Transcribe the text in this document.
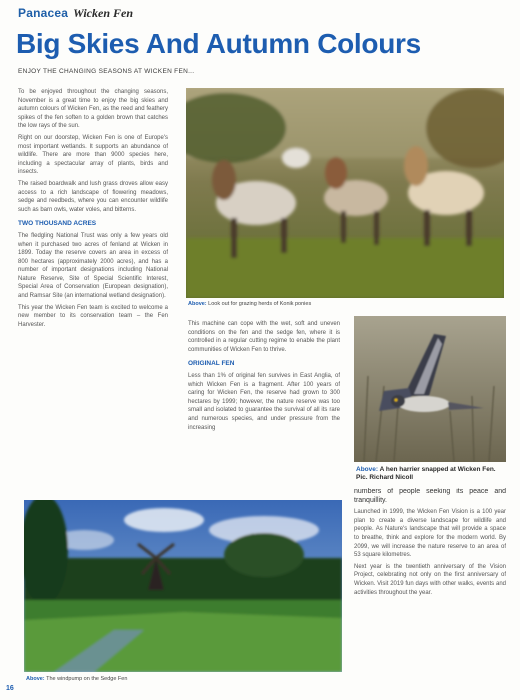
Panacea Wicken Fen
Big Skies And Autumn Colours
ENJOY THE CHANGING SEASONS AT WICKEN FEN...

To be enjoyed throughout the changing seasons, November is a great time to enjoy the big skies and autumn colours of Wicken Fen, as the reed and feathery spikes of the fen soften to a golden brown that catches the low rays of the sun.

Right on our doorstep, Wicken Fen is one of Europe's most important wetlands. It supports an abundance of wildlife. There are more than 9000 species here, including a spectacular array of plants, birds and insects.

The raised boardwalk and lush grass droves allow easy access to a rich landscape of flowering meadows, sedge and reedbeds, where you can encounter wildlife such as barn owls, water voles, and bitterns.

TWO THOUSAND ACRES

The fledgling National Trust was only a few years old when it purchased two acres of fenland at Wicken in 1899. Today the reserve covers an area in excess of 800 hectares (approximately 2000 acres), and has a number of important designations including National Nature Reserve, Site of Special Scientific Interest, Special Area of Conservation (European designation), and Ramsar Site (an international wetland designation).

This year the Wicken Fen team is excited to welcome a new member to its conservation team – the Fen Harvester.

Above: Look out for grazing herds of Konik ponies

This machine can cope with the wet, soft and uneven conditions on the fen and the sedge fen, where it is controlled in a regular cutting regime to enable the plant communities of Wicken Fen to thrive.

ORIGINAL FEN

Less than 1% of original fen survives in East Anglia, of which Wicken Fen is a fragment. After 100 years of caring for Wicken Fen, the reserve had grown to 300 hectares by 1999; however, the nature reserve was too small and isolated to guarantee the survival of all its rare and numerous species, and under pressure from the increasing

Above: A hen harrier snapped at Wicken Fen. Pic. Richard Nicoll

numbers of people seeking its peace and tranquillity.

Launched in 1999, the Wicken Fen Vision is a 100 year plan to create a diverse landscape for wildlife and people. As Nature's landscape that will provide a space to breathe, think and explore for the modern world. By 2099, we will increase the nature reserve to an area of 53 square kilometres.

Next year is the twentieth anniversary of the Vision Project, celebrating not only on the first anniversary of Wicken. Visit 2019 fun days with other walks, events and activities throughout the year.

Above: The windpump on the Sedge Fen
16
